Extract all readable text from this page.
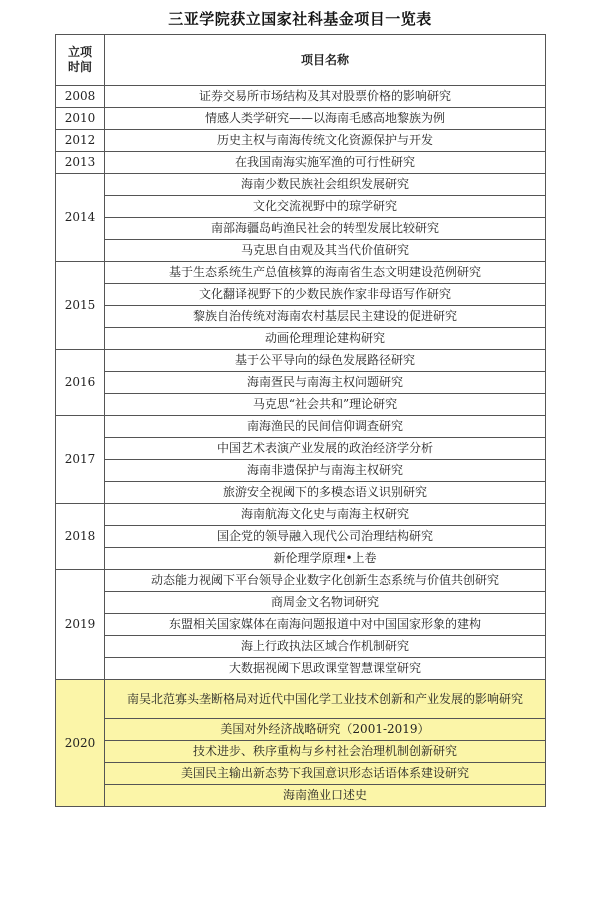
三亚学院获立国家社科基金项目一览表
立项
时间	项目名称
2008	证券交易所市场结构及其对股票价格的影响研究
2010	情感人类学研究——以海南毛感高地黎族为例
2012	历史主权与南海传统文化资源保护与开发
2013	在我国南海实施军渔的可行性研究
2014	海南少数民族社会组织发展研究
	文化交流视野中的琼学研究
	南部海疆岛屿渔民社会的转型发展比较研究
	马克思自由观及其当代价值研究
2015	基于生态系统生产总值核算的海南省生态文明建设范例研究
	文化翻译视野下的少数民族作家非母语写作研究
	黎族自治传统对海南农村基层民主建设的促进研究
	动画伦理理论建构研究
2016	基于公平导向的绿色发展路径研究
	海南疍民与南海主权问题研究
	马克思“社会共和”理论研究
2017	南海渔民的民间信仰调查研究
	中国艺术表演产业发展的政治经济学分析
	海南非遗保护与南海主权研究
	旅游安全视阈下的多模态语义识别研究
2018	海南航海文化史与南海主权研究
	国企党的领导融入现代公司治理结构研究
	新伦理学原理•上卷
2019	动态能力视阈下平台领导企业数字化创新生态系统与价值共创研究
	商周金文名物词研究
	东盟相关国家媒体在南海问题报道中对中国国家形象的建构
	海上行政执法区域合作机制研究
	大数据视阈下思政课堂智慧课堂研究
2020	南吴北范寡头垄断格局对近代中国化学工业技术创新和产业发展的影响研究
	美国对外经济战略研究（2001-2019）
	技术进步、秩序重构与乡村社会治理机制创新研究
	美国民主输出新态势下我国意识形态话语体系建设研究
	海南渔业口述史
